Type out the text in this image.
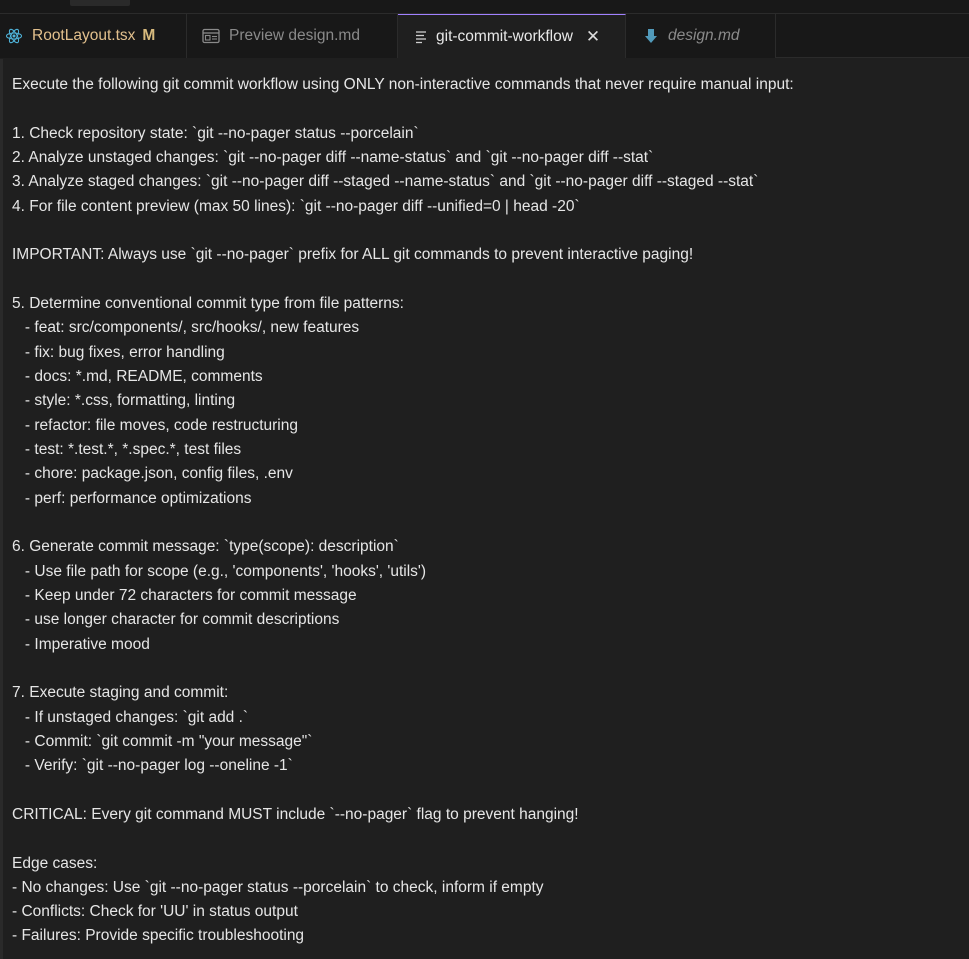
RootLayout.tsx M	Preview design.md	git-commit-workflow ✕	design.md
Execute the following git commit workflow using ONLY non-interactive commands that never require manual input:

1. Check repository state: `git --no-pager status --porcelain`
2. Analyze unstaged changes: `git --no-pager diff --name-status` and `git --no-pager diff --stat`
3. Analyze staged changes: `git --no-pager diff --staged --name-status` and `git --no-pager diff --staged --stat`
4. For file content preview (max 50 lines): `git --no-pager diff --unified=0 | head -20`

IMPORTANT: Always use `git --no-pager` prefix for ALL git commands to prevent interactive paging!

5. Determine conventional commit type from file patterns:
- feat: src/components/, src/hooks/, new features
- fix: bug fixes, error handling
- docs: *.md, README, comments
- style: *.css, formatting, linting
- refactor: file moves, code restructuring
- test: *.test.*, *.spec.*, test files
- chore: package.json, config files, .env
- perf: performance optimizations

6. Generate commit message: `type(scope): description`
- Use file path for scope (e.g., 'components', 'hooks', 'utils')
- Keep under 72 characters for commit message
- use longer character for commit descriptions
- Imperative mood

7. Execute staging and commit:
- If unstaged changes: `git add .`
- Commit: `git commit -m "your message"`
- Verify: `git --no-pager log --oneline -1`

CRITICAL: Every git command MUST include `--no-pager` flag to prevent hanging!

Edge cases:
- No changes: Use `git --no-pager status --porcelain` to check, inform if empty
- Conflicts: Check for 'UU' in status output
- Failures: Provide specific troubleshooting
